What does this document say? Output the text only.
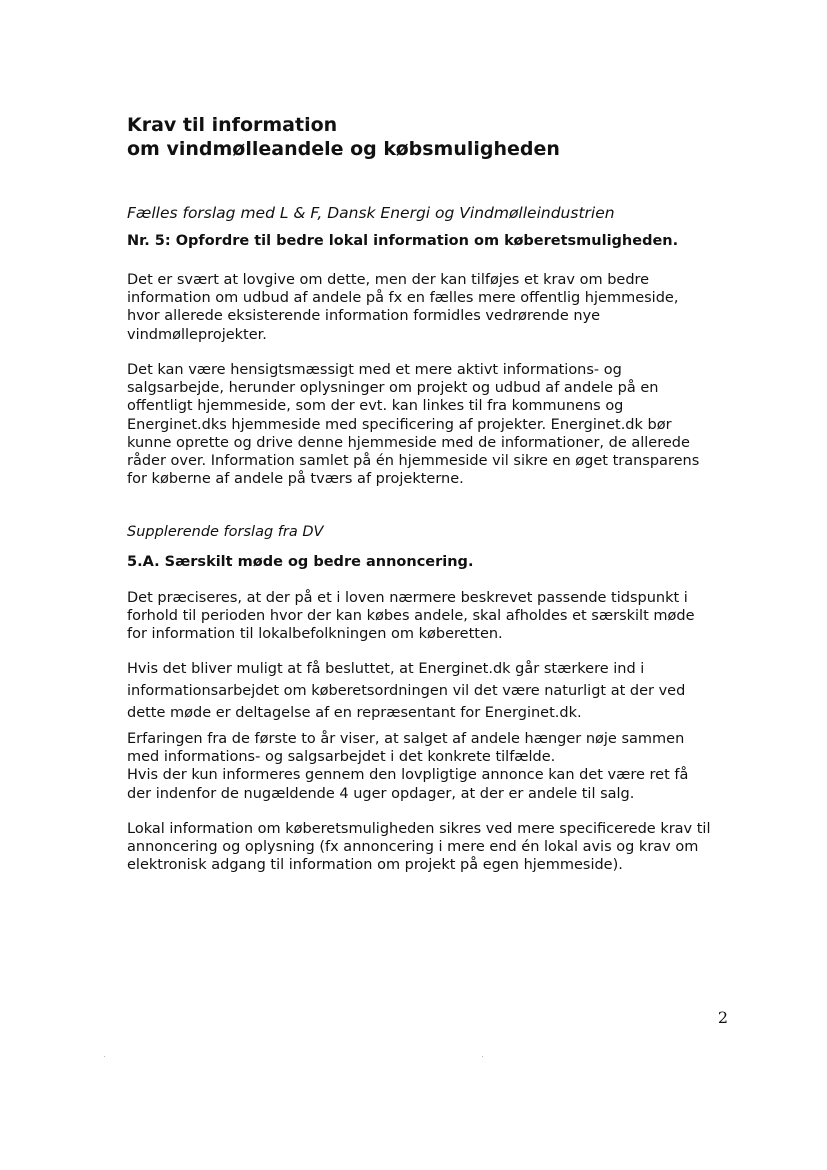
Krav til information
om vindmølleandele og købsmuligheden

Fælles forslag med L & F, Dansk Energi og Vindmølleindustrien

Nr. 5: Opfordre til bedre lokal information om køberetsmuligheden.

Det er svært at lovgive om dette, men der kan tilføjes et krav om bedre
information om udbud af andele på fx en fælles mere offentlig hjemmeside,
hvor allerede eksisterende information formidles vedrørende nye
vindmølleprojekter.

Det kan være hensigtsmæssigt med et mere aktivt informations- og
salgsarbejde, herunder oplysninger om projekt og udbud af andele på en
offentligt hjemmeside, som der evt. kan linkes til fra kommunens og
Energinet.dks hjemmeside med specificering af projekter. Energinet.dk bør
kunne oprette og drive denne hjemmeside med de informationer, de allerede
råder over. Information samlet på én hjemmeside vil sikre en øget transparens
for køberne af andele på tværs af projekterne.

Supplerende forslag fra DV

5.A. Særskilt møde og bedre annoncering.

Det præciseres, at der på et i loven nærmere beskrevet passende tidspunkt i
forhold til perioden hvor der kan købes andele, skal afholdes et særskilt møde
for information til lokalbefolkningen om køberetten.

Hvis det bliver muligt at få besluttet, at Energinet.dk går stærkere ind i
informationsarbejdet om køberetsordningen vil det være naturligt at der ved
dette møde er deltagelse af en repræsentant for Energinet.dk.

Erfaringen fra de første to år viser, at salget af andele hænger nøje sammen
med informations- og salgsarbejdet i det konkrete tilfælde.
Hvis der kun informeres gennem den lovpligtige annonce kan det være ret få
der indenfor de nugældende 4 uger opdager, at der er andele til salg.

Lokal information om køberetsmuligheden sikres ved mere specificerede krav til
annoncering og oplysning (fx annoncering i mere end én lokal avis og krav om
elektronisk adgang til information om projekt på egen hjemmeside).

2
